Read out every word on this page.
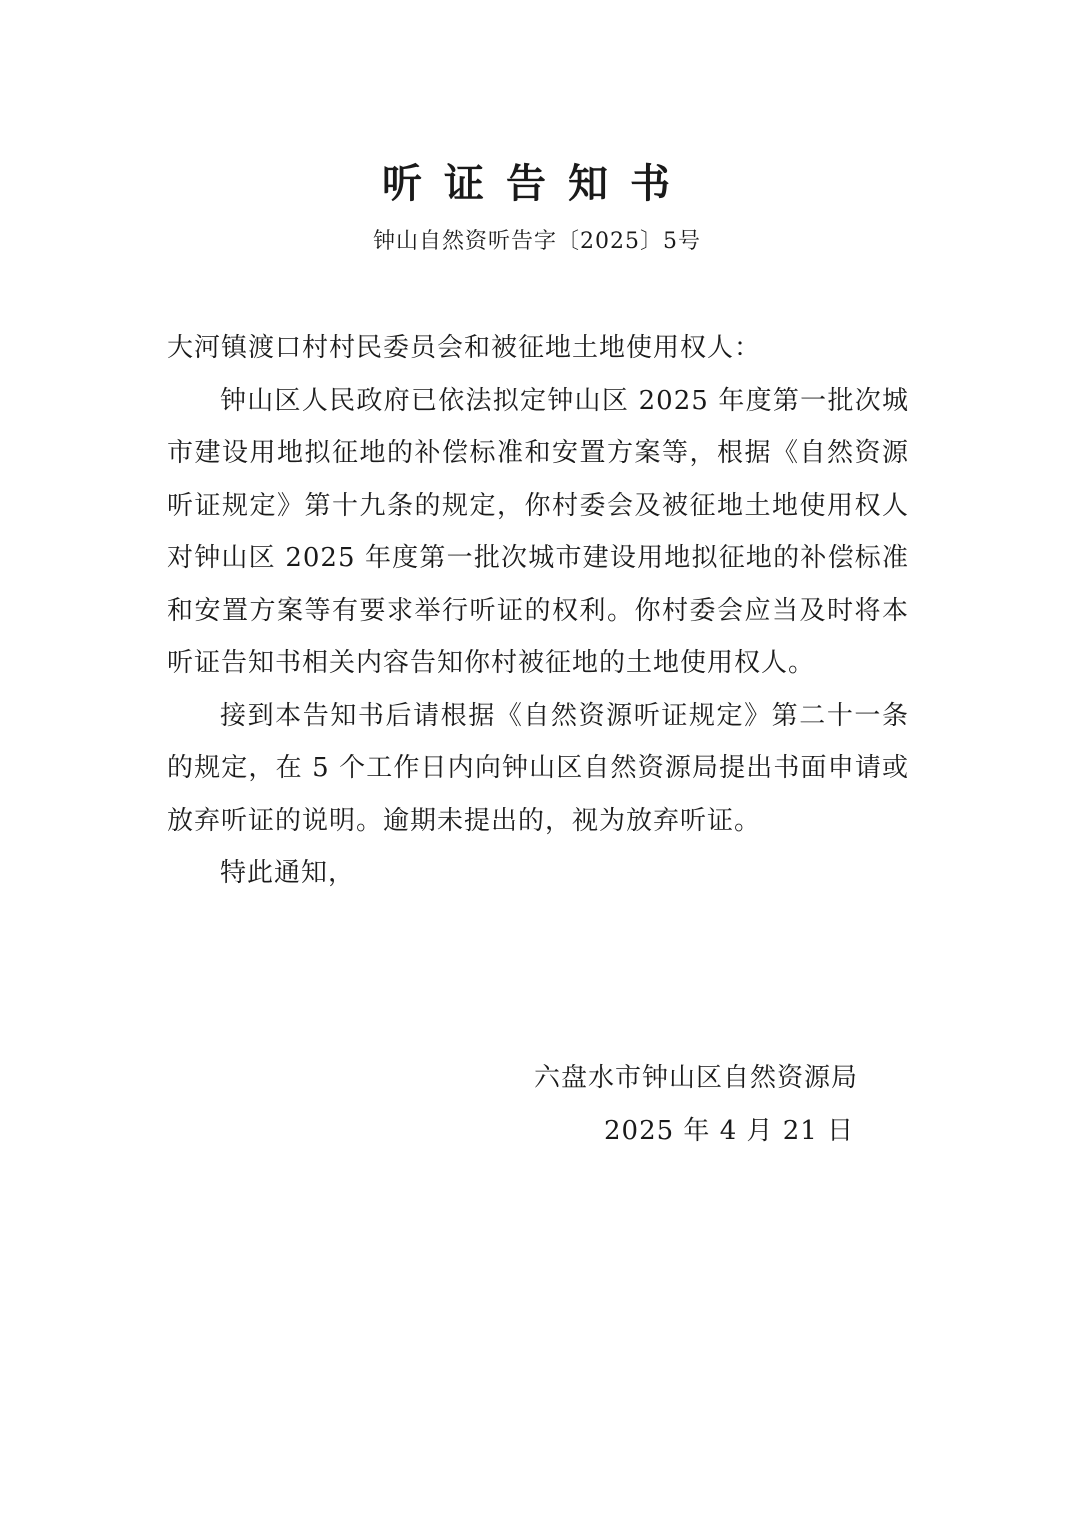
听证告知书
钟山自然资听告字〔2025〕5号

大河镇渡口村村民委员会和被征地土地使用权人：

钟山区人民政府已依法拟定钟山区 2025 年度第一批次城市建设用地拟征地的补偿标准和安置方案等，根据《自然资源听证规定》第十九条的规定，你村委会及被征地土地使用权人对钟山区 2025 年度第一批次城市建设用地拟征地的补偿标准和安置方案等有要求举行听证的权利。你村委会应当及时将本听证告知书相关内容告知你村被征地的土地使用权人。

接到本告知书后请根据《自然资源听证规定》第二十一条的规定，在 5 个工作日内向钟山区自然资源局提出书面申请或放弃听证的说明。逾期未提出的，视为放弃听证。

特此通知，

六盘水市钟山区自然资源局
2025 年 4 月 21 日
